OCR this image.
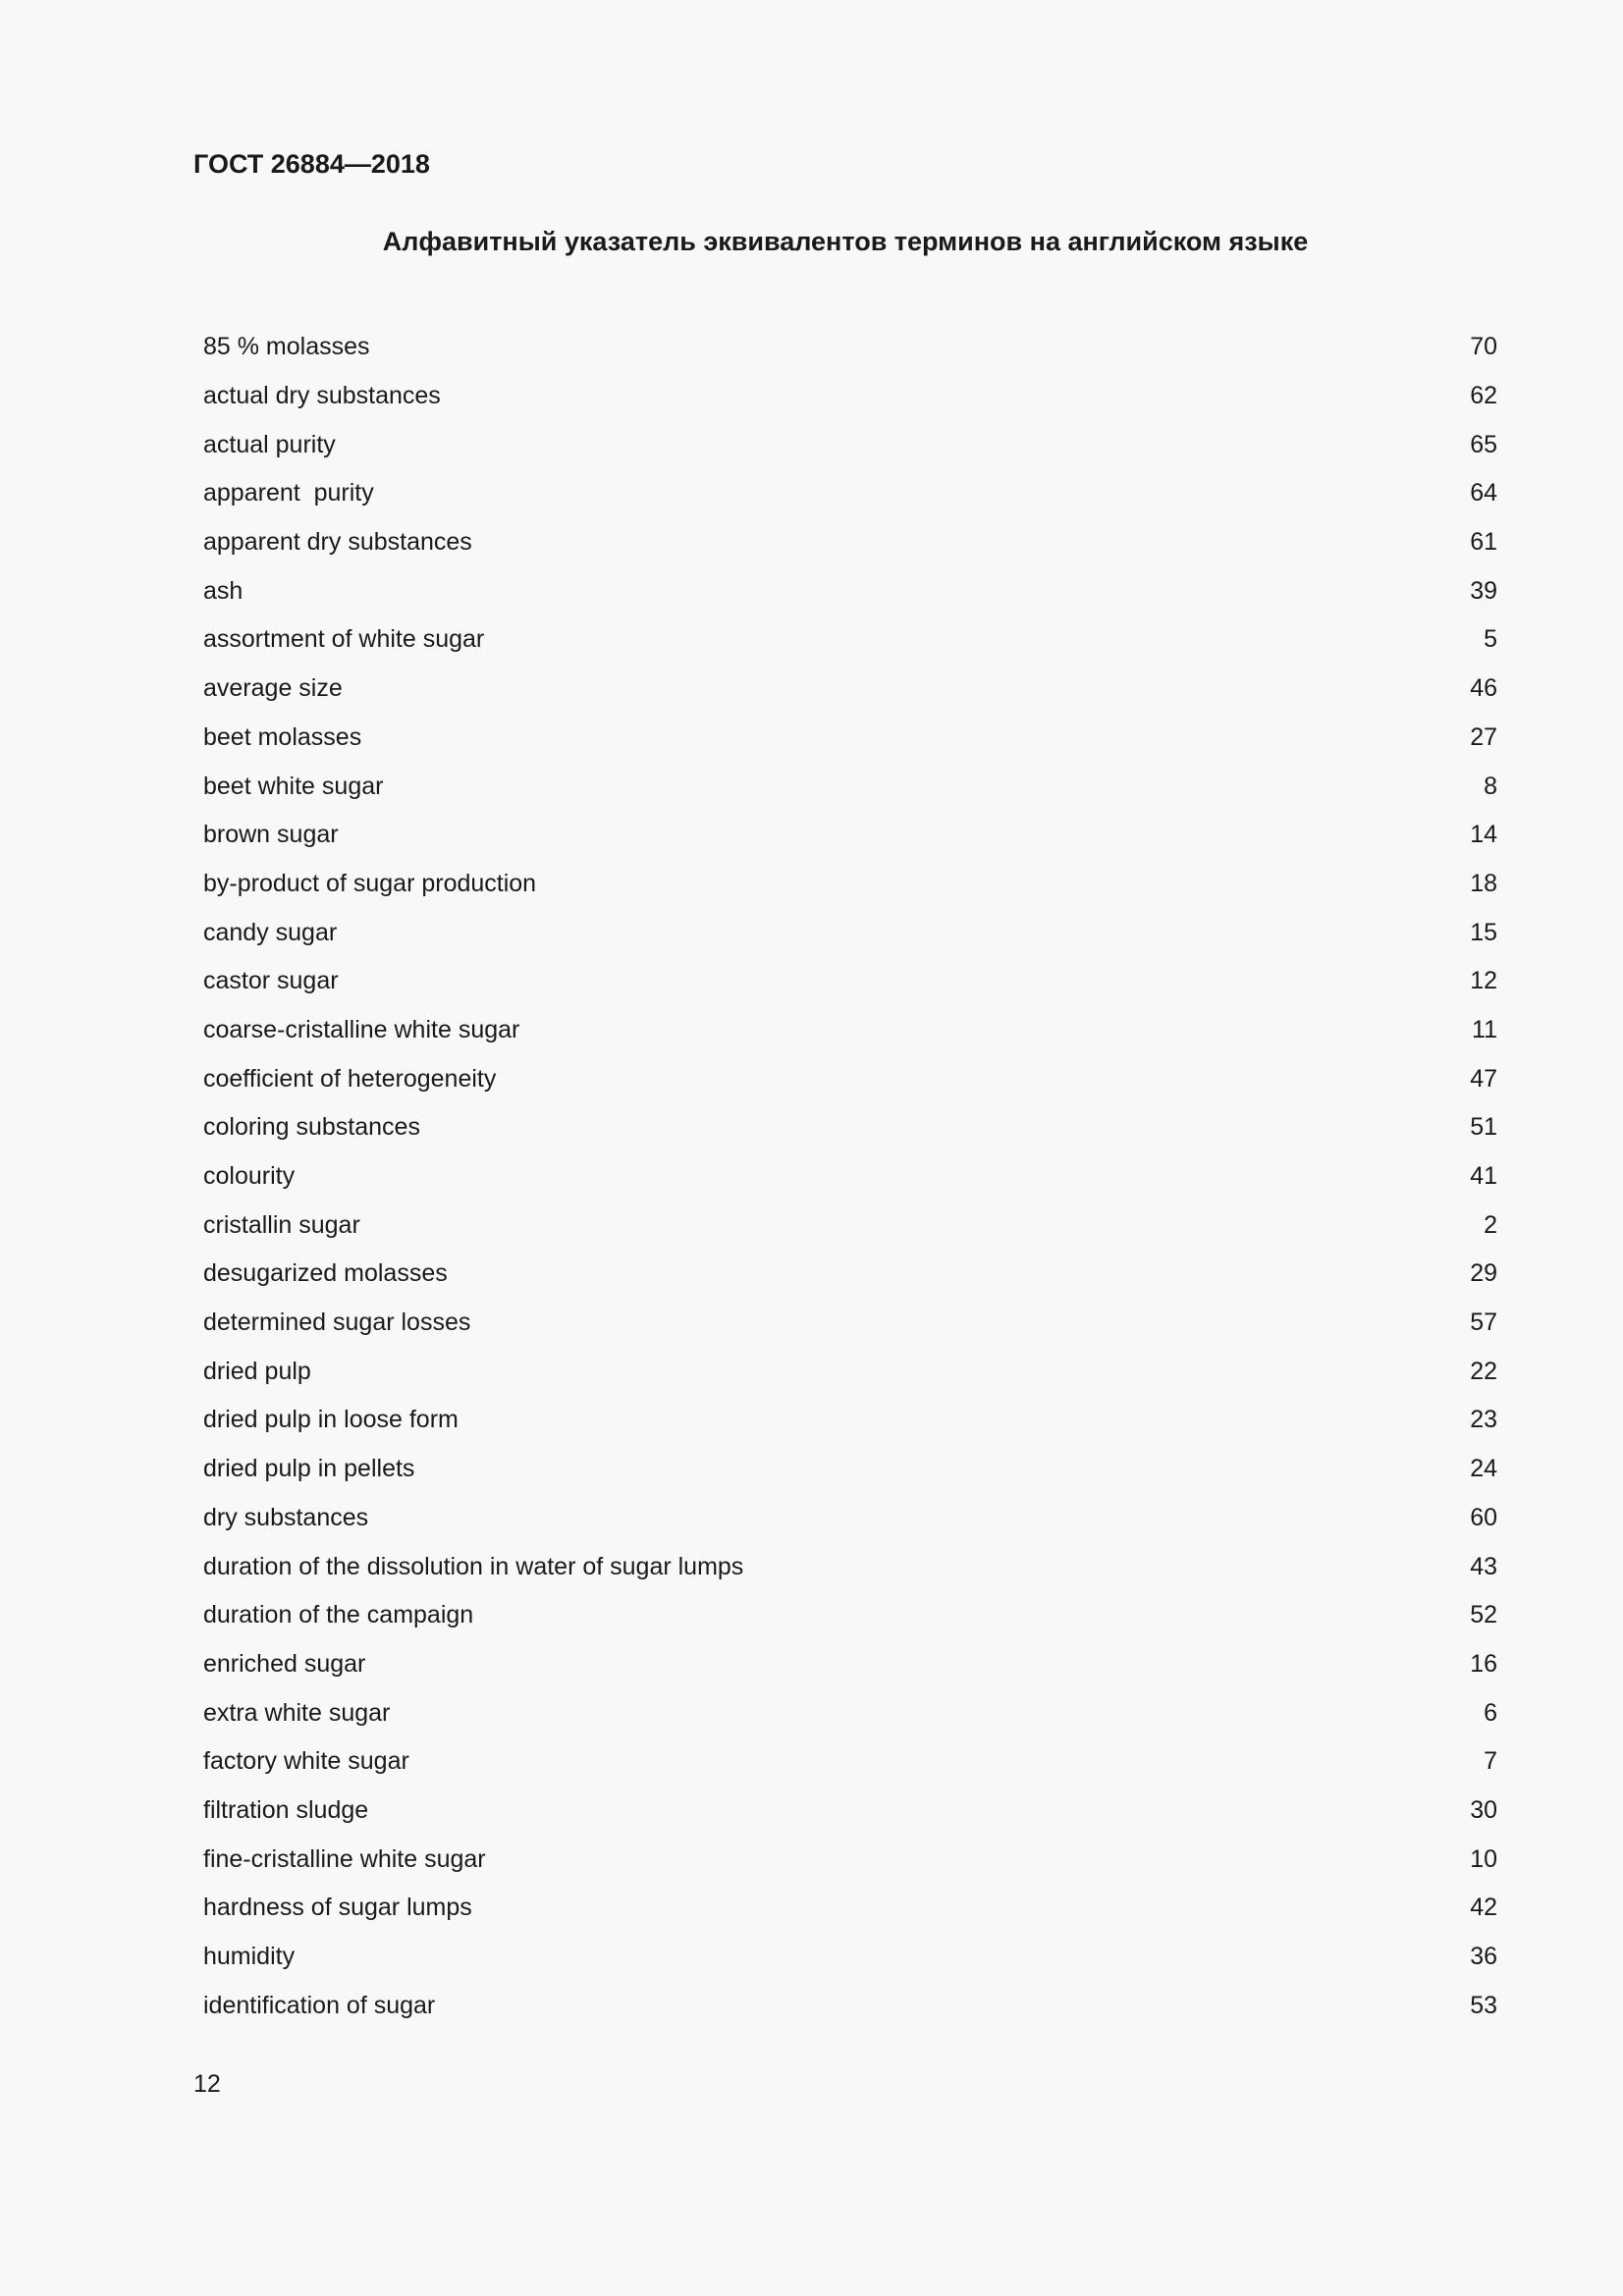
ГОСТ 26884—2018
Алфавитный указатель эквивалентов терминов на английском языке
85 % molasses	70
actual dry substances	62
actual purity	65
apparent  purity	64
apparent dry substances	61
ash	39
assortment of white sugar	5
average size	46
beet molasses	27
beet white sugar	8
brown sugar	14
by-product of sugar production	18
candy sugar	15
castor sugar	12
coarse-cristalline white sugar	11
coefficient of heterogeneity	47
coloring substances	51
colourity	41
cristallin sugar	2
desugarized molasses	29
determined sugar losses	57
dried pulp	22
dried pulp in loose form	23
dried pulp in pellets	24
dry substances	60
duration of the dissolution in water of sugar lumps	43
duration of the campaign	52
enriched sugar	16
extra white sugar	6
factory white sugar	7
filtration sludge	30
fine-cristalline white sugar	10
hardness of sugar lumps	42
humidity	36
identification of sugar	53
12
